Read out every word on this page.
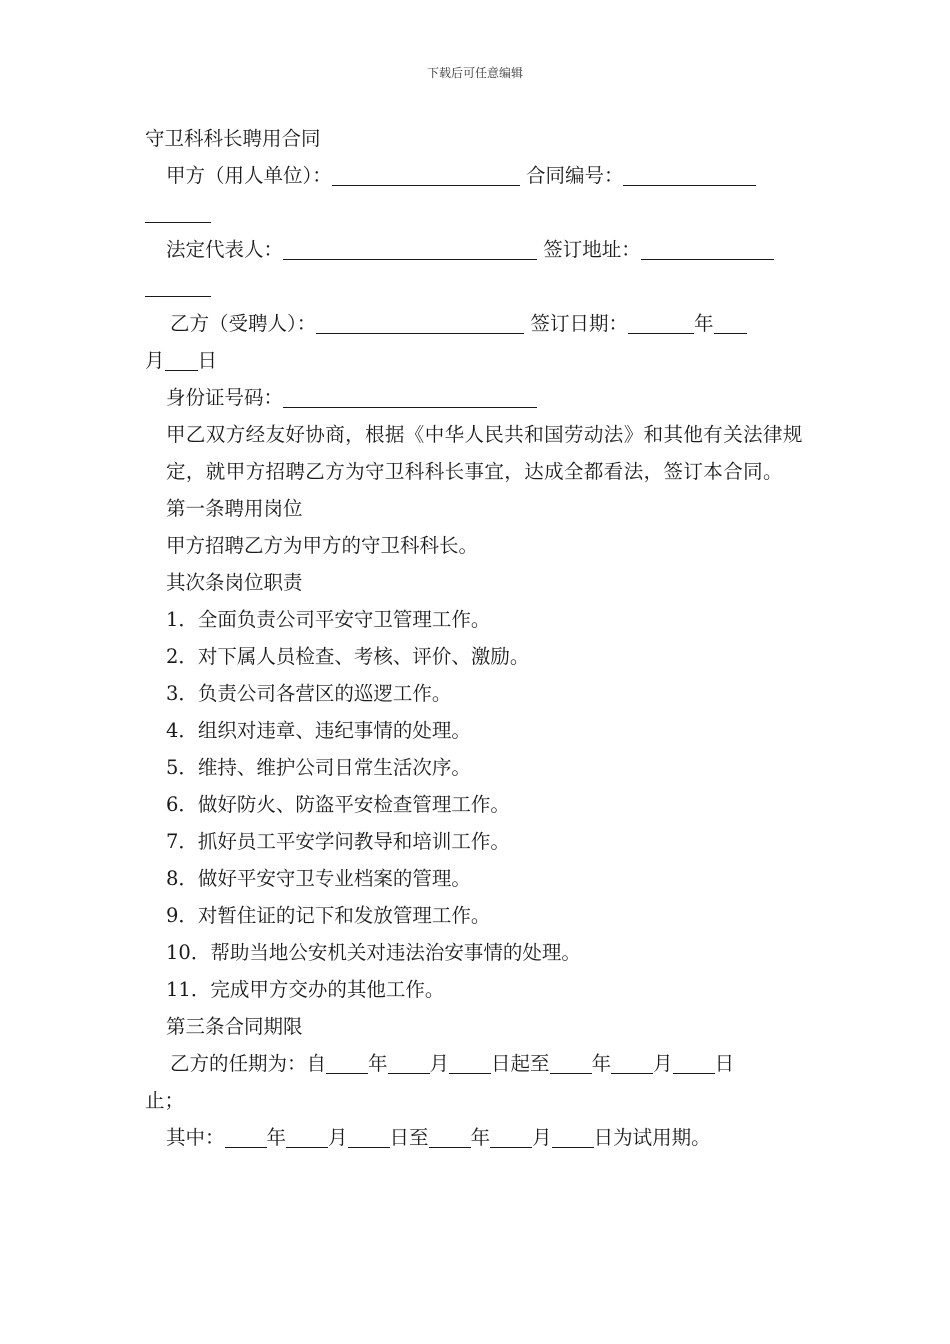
下载后可任意编辑
守卫科科长聘用合同
甲方（用人单位）：	合同编号：
法定代表人：	签订地址：
乙方（受聘人）：	签订日期：	年
月 日
身份证号码：
甲乙双方经友好协商，根据《中华人民共和国劳动法》和其他有关法律规定，就甲方招聘乙方为守卫科科长事宜，达成全都看法，签订本合同。
第一条聘用岗位
甲方招聘乙方为甲方的守卫科科长。
其次条岗位职责
1．全面负责公司平安守卫管理工作。
2．对下属人员检查、考核、评价、激励。
3．负责公司各营区的巡逻工作。
4．组织对违章、违纪事情的处理。
5．维持、维护公司日常生活次序。
6．做好防火、防盗平安检查管理工作。
7．抓好员工平安学问教导和培训工作。
8．做好平安守卫专业档案的管理。
9．对暂住证的记下和发放管理工作。
10．帮助当地公安机关对违法治安事情的处理。
11．完成甲方交办的其他工作。
第三条合同期限
乙方的任期为：自 年 月 日起至 年 月 日
止；
其中： 年 月 日至 年 月 日为试用期。
